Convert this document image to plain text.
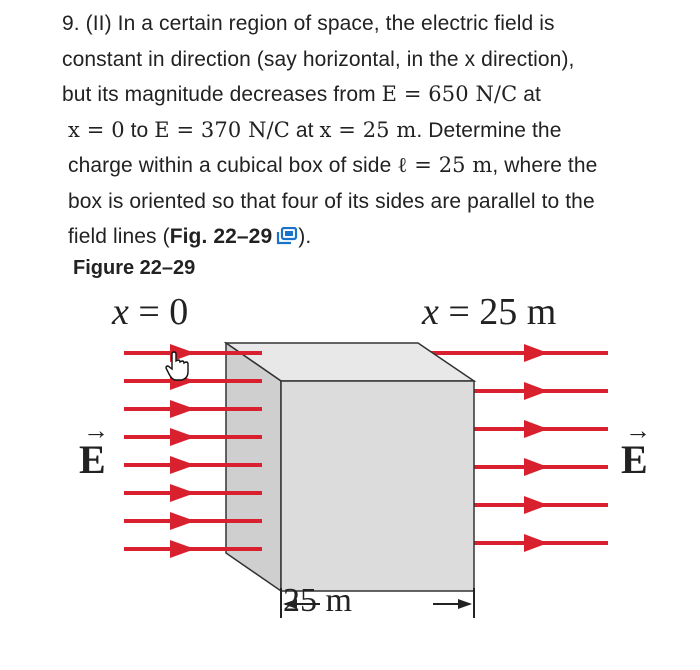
9. (II) In a certain region of space, the electric field is
constant in direction (say horizontal, in the x direction),
but its magnitude decreases from E = 650 N/C at
x = 0 to E = 370 N/C at x = 25 m. Determine the
charge within a cubical box of side ℓ = 25 m, where the
box is oriented so that four of its sides are parallel to the
field lines (Fig. 22–29 ).
Figure 22–29
x = 0	x = 25 m
→
E
→
E
25 m
